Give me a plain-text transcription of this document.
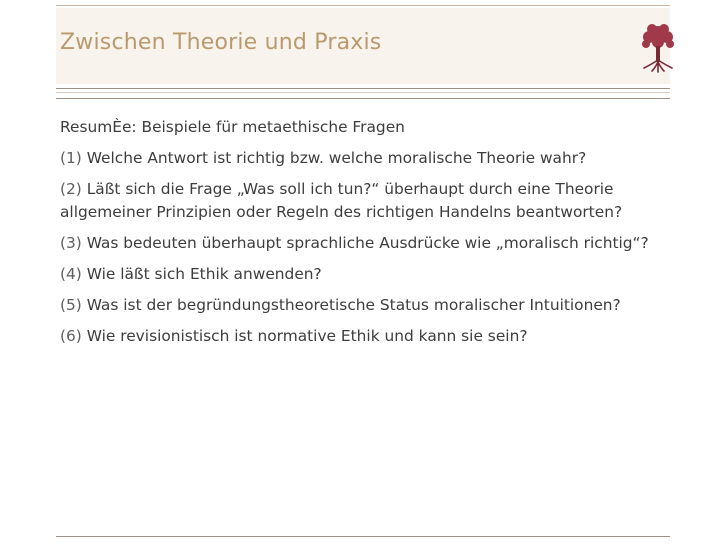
Zwischen Theorie und Praxis

ResumÈe: Beispiele für metaethische Fragen

(1) Welche Antwort ist richtig bzw. welche moralische Theorie wahr?

(2) Läßt sich die Frage „Was soll ich tun?“ überhaupt durch eine Theorie allgemeiner Prinzipien oder Regeln des richtigen Handelns beantworten?

(3) Was bedeuten überhaupt sprachliche Ausdrücke wie „moralisch richtig“?

(4) Wie läßt sich Ethik anwenden?

(5) Was ist der begründungstheoretische Status moralischer Intuitionen?

(6) Wie revisionistisch ist normative Ethik und kann sie sein?
